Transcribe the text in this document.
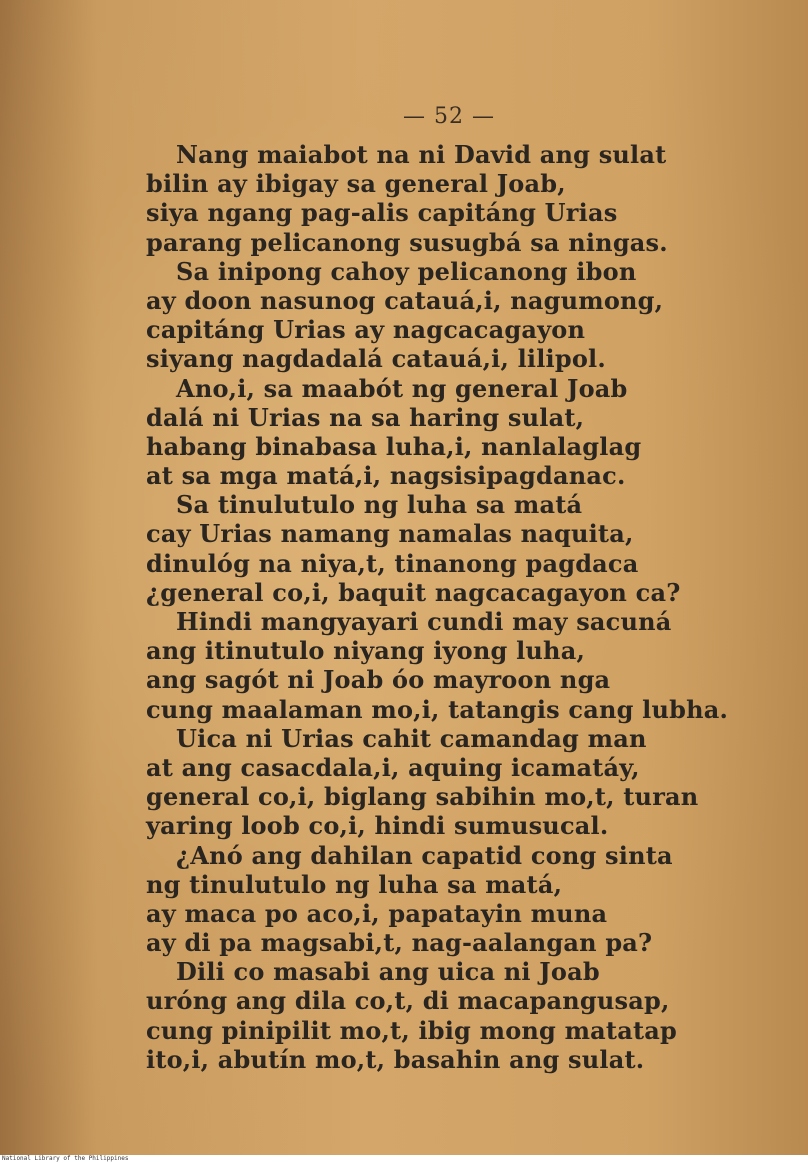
— 52 —
Nang maiabot na ni David ang sulat
bilin ay ibigay sa general Joab,
siya ngang pag-alis capitáng Urias
parang pelicanong susugbá sa ningas.
Sa inipong cahoy pelicanong ibon
ay doon nasunog catauá,i, nagumong,
capitáng Urias ay nagcacagayon
siyang nagdadalá catauá,i, lilipol.
Ano,i, sa maabót ng general Joab
dalá ni Urias na sa haring sulat,
habang binabasa luha,i, nanlalaglag
at sa mga matá,i, nagsisipagdanac.
Sa tinulutulo ng luha sa matá
cay Urias namang namalas naquita,
dinulóg na niya,t, tinanong pagdaca
¿general co,i, baquit nagcacagayon ca?
Hindi mangyayari cundi may sacuná
ang itinutulo niyang iyong luha,
ang sagót ni Joab óo mayroon nga
cung maalaman mo,i, tatangis cang lubha.
Uica ni Urias cahit camandag man
at ang casacdala,i, aquing icamatáy,
general co,i, biglang sabihin mo,t, turan
yaring loob co,i, hindi sumusucal.
¿Anó ang dahilan capatid cong sinta
ng tinulutulo ng luha sa matá,
ay maca po aco,i, papatayin muna
ay di pa magsabi,t, nag-aalangan pa?
Dili co masabi ang uica ni Joab
uróng ang dila co,t, di macapangusap,
cung pinipilit mo,t, ibig mong matatap
ito,i, abutín mo,t, basahin ang sulat.
National Library of the Philippines
